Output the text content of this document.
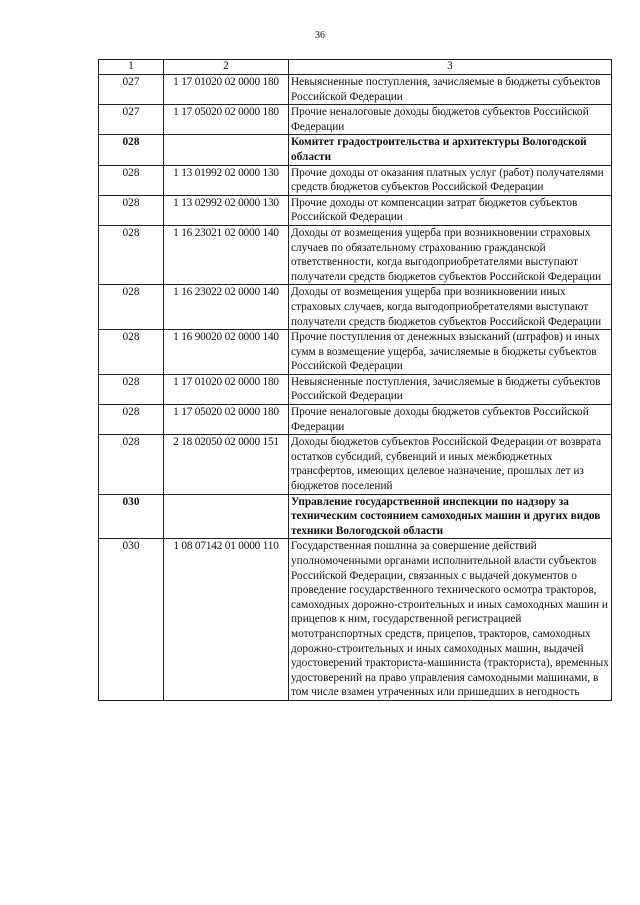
36
1	2	3
027	1 17 01020 02 0000 180	Невыясненные поступления, зачисляемые в бюджеты субъектов Российской Федерации
027	1 17 05020 02 0000 180	Прочие неналоговые доходы бюджетов субъектов Российской Федерации
028		Комитет градостроительства и архитектуры Вологодской области
028	1 13 01992 02 0000 130	Прочие доходы от оказания платных услуг (работ) получателями средств бюджетов субъектов Российской Федерации
028	1 13 02992 02 0000 130	Прочие доходы от компенсации затрат бюджетов субъектов Российской Федерации
028	1 16 23021 02 0000 140	Доходы от возмещения ущерба при возникновении страховых случаев по обязательному страхованию гражданской ответственности, когда выгодоприобретателями выступают получатели средств бюджетов субъектов Российской Федерации
028	1 16 23022 02 0000 140	Доходы от возмещения ущерба при возникновении иных страховых случаев, когда выгодоприобретателями выступают получатели средств бюджетов субъектов Российской Федерации
028	1 16 90020 02 0000 140	Прочие поступления от денежных взысканий (штрафов) и иных сумм в возмещение ущерба, зачисляемые в бюджеты субъектов Российской Федерации
028	1 17 01020 02 0000 180	Невыясненные поступления, зачисляемые в бюджеты субъектов Российской Федерации
028	1 17 05020 02 0000 180	Прочие неналоговые доходы бюджетов субъектов Российской Федерации
028	2 18 02050 02 0000 151	Доходы бюджетов субъектов Российской Федерации от возврата остатков субсидий, субвенций и иных межбюджетных трансфертов, имеющих целевое назначение, прошлых лет из бюджетов поселений
030		Управление государственной инспекции по надзору за техническим состоянием самоходных машин и других видов техники Вологодской области
030	1 08 07142 01 0000 110	Государственная пошлина за совершение действий уполномоченными органами исполнительной власти субъектов Российской Федерации, связанных с выдачей документов о проведение государственного технического осмотра тракторов, самоходных дорожно-строительных и иных самоходных машин и прицепов к ним, государственной регистрацией мототранспортных средств, прицепов, тракторов, самоходных дорожно-строительных и иных самоходных машин, выдачей удостоверений тракториста-машиниста (тракториста), временных удостоверений на право управления самоходными машинами, в том числе взамен утраченных или пришедших в негодность
